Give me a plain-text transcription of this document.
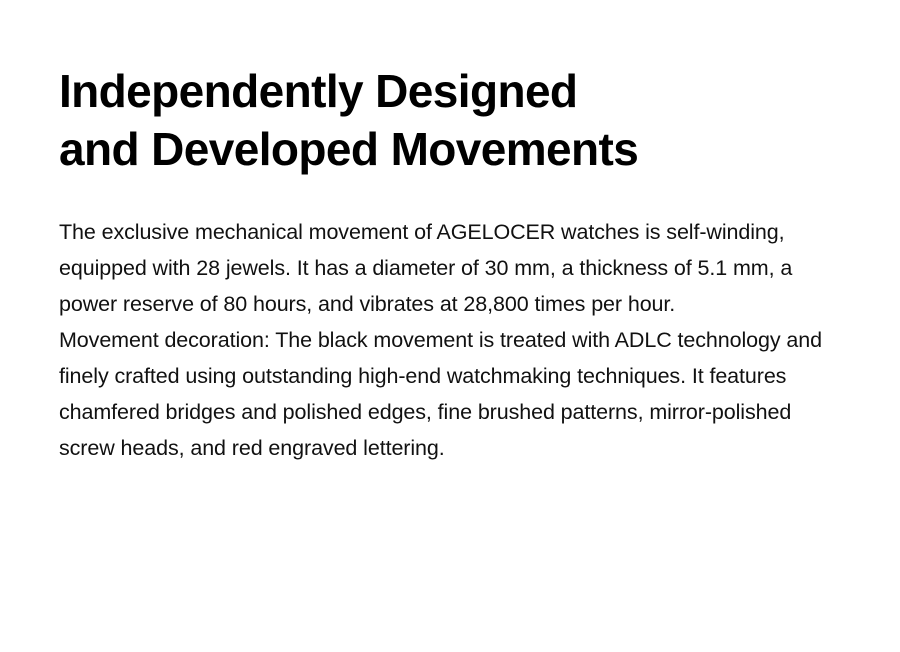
Independently Designed
and Developed Movements

The exclusive mechanical movement of AGELOCER watches is self-winding, equipped with 28 jewels. It has a diameter of 30 mm, a thickness of 5.1 mm, a power reserve of 80 hours, and vibrates at 28,800 times per hour.

Movement decoration: The black movement is treated with ADLC technology and finely crafted using outstanding high-end watchmaking techniques. It features chamfered bridges and polished edges, fine brushed patterns, mirror-polished screw heads, and red engraved lettering.
